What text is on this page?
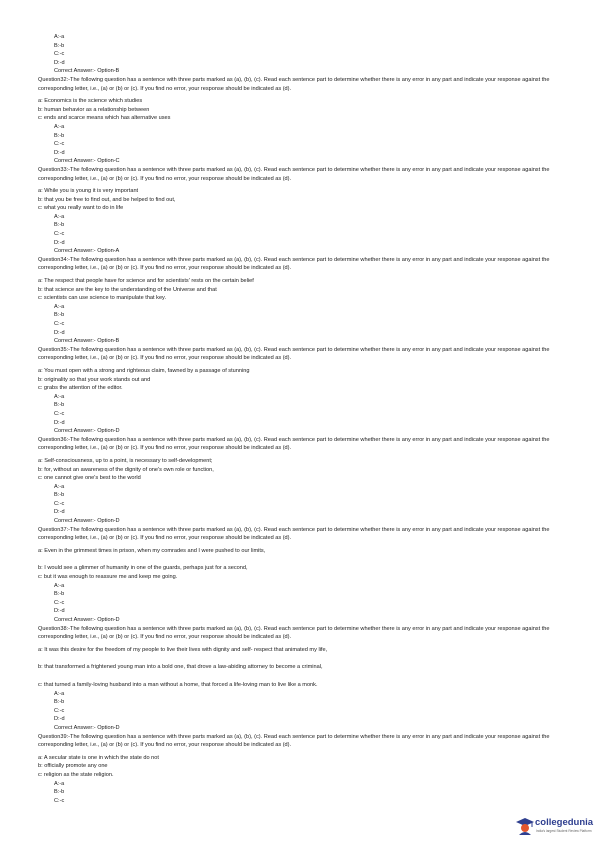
A:-a
B:-b
C:-c
D:-d
Correct Answer:- Option-B
Question32:-The following question has a sentence with three parts marked as (a), (b), (c). Read each sentence part to determine whether there is any error in any part and indicate your response against the corresponding letter, i.e., (a) or (b) or (c). If you find no error, your response should be indicated as (d).
a: Economics is the science which studies
b: human behavior as a relationship between
c: ends and scarce means which has alternative uses
A:-a
B:-b
C:-c
D:-d
Correct Answer:- Option-C
Question33:-The following question has a sentence with three parts marked as (a), (b), (c). Read each sentence part to determine whether there is any error in any part and indicate your response against the corresponding letter, i.e., (a) or (b) or (c). If you find no error, your response should be indicated as (d).
a: While you is young it is very important
b: that you be free to find out, and be helped to find out,
c: what you really want to do in life
A:-a
B:-b
C:-c
D:-d
Correct Answer:- Option-A
Question34:-The following question has a sentence with three parts marked as (a), (b), (c). Read each sentence part to determine whether there is any error in any part and indicate your response against the corresponding letter, i.e., (a) or (b) or (c). If you find no error, your response should be indicated as (d).
a: The respect that people have for science and for scientists' rests on the certain belief
b: that science are the key to the understanding of the Universe and that
c: scientists can use science to manipulate that key.
A:-a
B:-b
C:-c
D:-d
Correct Answer:- Option-B
Question35:-The following question has a sentence with three parts marked as (a), (b), (c). Read each sentence part to determine whether there is any error in any part and indicate your response against the corresponding letter, i.e., (a) or (b) or (c). If you find no error, your response should be indicated as (d).
a: You must open with a strong and righteous claim, fawned by a passage of stunning
b: originality so that your work stands out and
c: grabs the attention of the editor.
A:-a
B:-b
C:-c
D:-d
Correct Answer:- Option-D
Question36:-The following question has a sentence with three parts marked as (a), (b), (c). Read each sentence part to determine whether there is any error in any part and indicate your response against the corresponding letter, i.e., (a) or (b) or (c). If you find no error, your response should be indicated as (d).
a: Self-consciousness, up to a point, is necessary to self-development;
b: for, without an awareness of the dignity of one's own role or function,
c: one cannot give one's best to the world
A:-a
B:-b
C:-c
D:-d
Correct Answer:- Option-D
Question37:-The following question has a sentence with three parts marked as (a), (b), (c). Read each sentence part to determine whether there is any error in any part and indicate your response against the corresponding letter, i.e., (a) or (b) or (c). If you find no error, your response should be indicated as (d).
a: Even in the grimmest times in prison, when my comrades and I were pushed to our limits,
b: I would see a glimmer of humanity in one of the guards, perhaps just for a second,
c: but it was enough to reassure me and keep me going.
A:-a
B:-b
C:-c
D:-d
Correct Answer:- Option-D
Question38:-The following question has a sentence with three parts marked as (a), (b), (c). Read each sentence part to determine whether there is any error in any part and indicate your response against the corresponding letter, i.e., (a) or (b) or (c). If you find no error, your response should be indicated as (d).
a: It was this desire for the freedom of my people to live their lives with dignity and self- respect that animated my life,
b: that transformed a frightened young man into a bold one, that drove a law-abiding attorney to become a criminal,
c: that turned a family-loving husband into a man without a home, that forced a life-loving man to live like a monk.
A:-a
B:-b
C:-c
D:-d
Correct Answer:- Option-D
Question39:-The following question has a sentence with three parts marked as (a), (b), (c). Read each sentence part to determine whether there is any error in any part and indicate your response against the corresponding letter, i.e., (a) or (b) or (c). If you find no error, your response should be indicated as (d).
a: A secular state is one in which the state do not
b: officially promote any one
c: religion as the state religion.
A:-a
B:-b
C:-c
collegedunia
India's largest Student Review Platform
